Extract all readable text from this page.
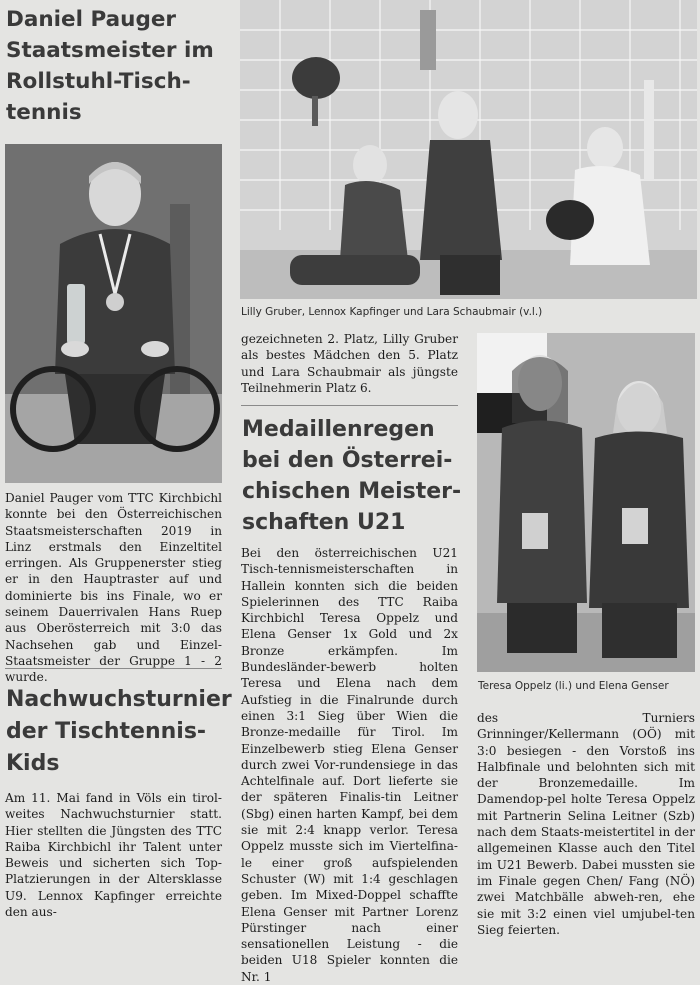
Daniel Pauger
Staatsmeister im
Rollstuhl-Tisch-
tennis

Daniel Pauger vom TTC Kirchbichl konnte bei den Österreichischen Staatsmeisterschaften 2019 in Linz erstmals den Einzeltitel erringen. Als Gruppenerster stieg er in den Hauptraster auf und dominierte bis ins Finale, wo er seinem Dauerrivalen Hans Ruep aus Oberösterreich mit 3:0 das Nachsehen gab und Einzel-Staatsmeister der Gruppe 1 - 2 wurde.

Nachwuchsturnier
der Tischtennis-
Kids

Am 11. Mai fand in Völs ein tirol-weites Nachwuchsturnier statt. Hier stellten die Jüngsten des TTC Raiba Kirchbichl ihr Talent unter Beweis und sicherten sich Top-Platzierungen in der Altersklasse U9. Lennox Kapfinger erreichte den aus-

Lilly Gruber, Lennox Kapfinger und Lara Schaubmair (v.l.)

gezeichneten 2. Platz, Lilly Gruber als bestes Mädchen den 5. Platz und Lara Schaubmair als jüngste Teilnehmerin Platz 6.

Medaillenregen
bei den Österrei-
chischen Meister-
schaften U21

Bei den österreichischen U21 Tisch-tennismeisterschaften in Hallein konnten sich die beiden Spielerinnen des TTC Raiba Kirchbichl Teresa Oppelz und Elena Genser 1x Gold und 2x Bronze erkämpfen. Im Bundesländer-bewerb holten Teresa und Elena nach dem Aufstieg in die Finalrunde durch einen 3:1 Sieg über Wien die Bronze-medaille für Tirol. Im Einzelbewerb stieg Elena Genser durch zwei Vor-rundensiege in das Achtelfinale auf. Dort lieferte sie der späteren Finalis-tin Leitner (Sbg) einen harten Kampf, bei dem sie mit 2:4 knapp verlor. Teresa Oppelz musste sich im Viertelfina-le einer groß aufspielenden Schuster (W) mit 1:4 geschlagen geben. Im Mixed-Doppel schaffte Elena Genser mit Partner Lorenz Pürstinger nach einer sensationellen Leistung - die beiden U18 Spieler konnten die Nr. 1

Teresa Oppelz (li.) und Elena Genser

des Turniers Grinninger/Kellermann (OÖ) mit 3:0 besiegen - den Vorstoß ins Halbfinale und belohnten sich mit der Bronzemedaille. Im Damendop-pel holte Teresa Oppelz mit Partnerin Selina Leitner (Szb) nach dem Staats-meistertitel in der allgemeinen Klasse auch den Titel im U21 Bewerb. Dabei mussten sie im Finale gegen Chen/ Fang (NÖ) zwei Matchbälle abweh-ren, ehe sie mit 3:2 einen viel umjubel-ten Sieg feierten.
